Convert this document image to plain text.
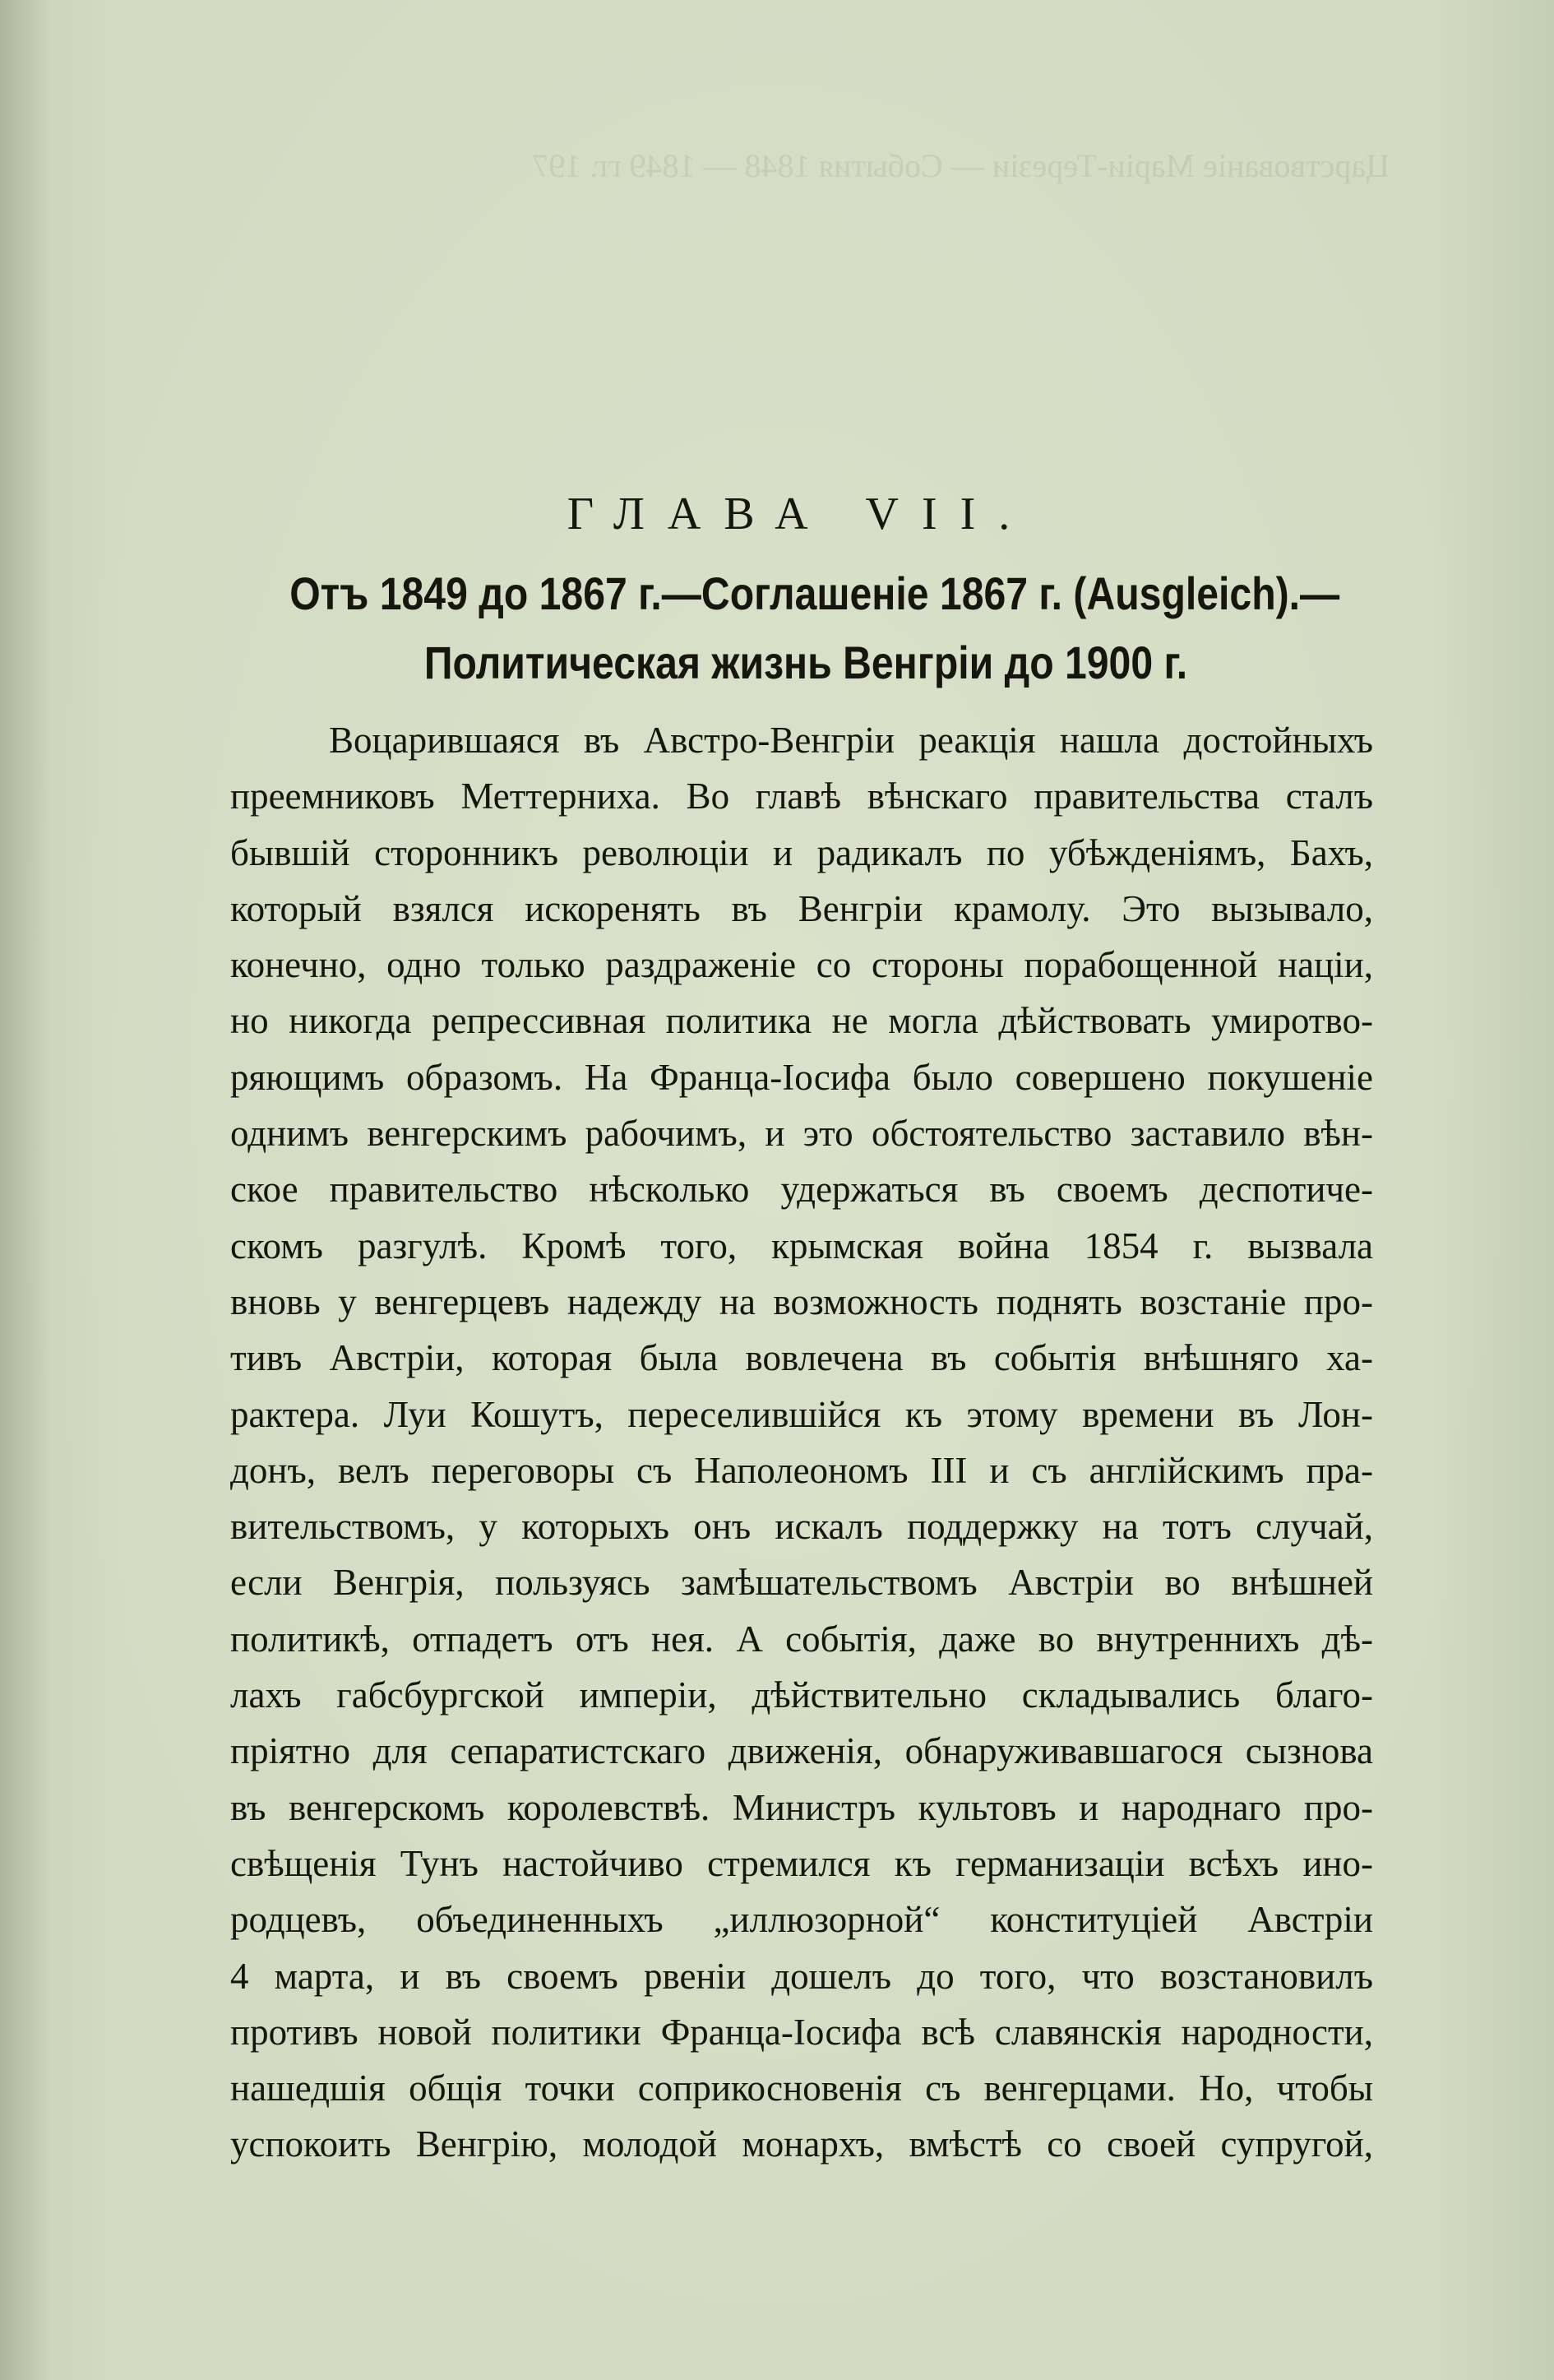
Царствованіе Маріи-Терезіи — События 1848 — 1849 гг. 197
ГЛАВА VII.
Отъ 1849 до 1867 г.—Соглашеніе 1867 г. (Ausgleich).—
Политическая жизнь Венгріи до 1900 г.
Воцарившаяся въ Австро-Венгріи реакція нашла достойныхъ
преемниковъ Меттерниха. Во главѣ вѣнскаго правительства сталъ
бывшій сторонникъ революціи и радикалъ по убѣжденіямъ, Бахъ,
который взялся искоренять въ Венгріи крамолу. Это вызывало,
конечно, одно только раздраженіе со стороны порабощенной націи,
но никогда репрессивная политика не могла дѣйствовать умиротво-
ряющимъ образомъ. На Франца-Іосифа было совершено покушеніе
однимъ венгерскимъ рабочимъ, и это обстоятельство заставило вѣн-
ское правительство нѣсколько удержаться въ своемъ деспотиче-
скомъ разгулѣ. Кромѣ того, крымская война 1854 г. вызвала
вновь у венгерцевъ надежду на возможность поднять возстаніе про-
тивъ Австріи, которая была вовлечена въ событія внѣшняго ха-
рактера. Луи Кошутъ, переселившійся къ этому времени въ Лон-
донъ, велъ переговоры съ Наполеономъ III и съ англійскимъ пра-
вительствомъ, у которыхъ онъ искалъ поддержку на тотъ случай,
если Венгрія, пользуясь замѣшательствомъ Австріи во внѣшней
политикѣ, отпадетъ отъ нея. А событія, даже во внутреннихъ дѣ-
лахъ габсбургской имперіи, дѣйствительно складывались благо-
пріятно для сепаратистскаго движенія, обнаруживавшагося сызнова
въ венгерскомъ королевствѣ. Министръ культовъ и народнаго про-
свѣщенія Тунъ настойчиво стремился къ германизаціи всѣхъ ино-
родцевъ, объединенныхъ „иллюзорной“ конституціей Австріи
4 марта, и въ своемъ рвеніи дошелъ до того, что возстановилъ
противъ новой политики Франца-Іосифа всѣ славянскія народности,
нашедшія общія точки соприкосновенія съ венгерцами. Но, чтобы
успокоить Венгрію, молодой монархъ, вмѣстѣ со своей супругой,
